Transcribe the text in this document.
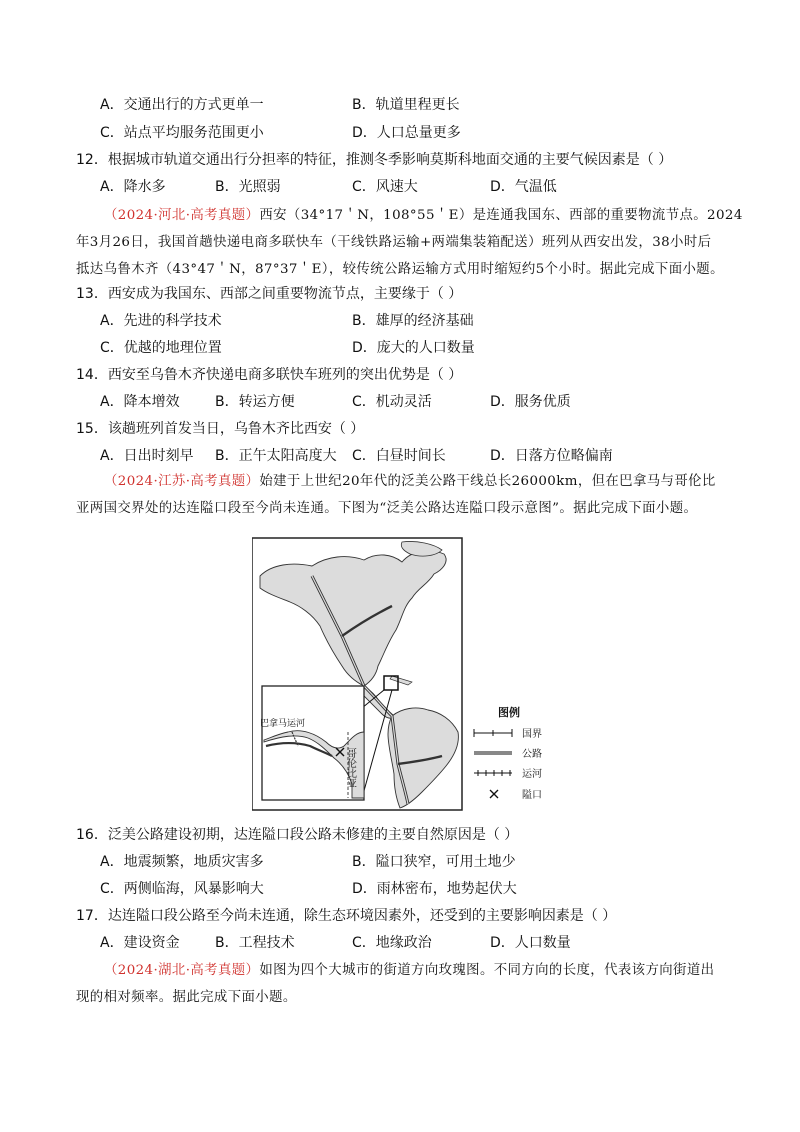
A．交通出行的方式更单一	B．轨道里程更长
C．站点平均服务范围更小	D．人口总量更多
12．根据城市轨道交通出行分担率的特征，推测冬季影响莫斯科地面交通的主要气候因素是（ ）
A．降水多	B．光照弱	C．风速大	D．气温低
（2024·河北·高考真题）西安（34°17＇N，108°55＇E）是连通我国东、西部的重要物流节点。2024
年3月26日，我国首趟快递电商多联快车（干线铁路运输+两端集装箱配送）班列从西安出发，38小时后
抵达乌鲁木齐（43°47＇N，87°37＇E），较传统公路运输方式用时缩短约5个小时。据此完成下面小题。
13．西安成为我国东、西部之间重要物流节点，主要缘于（ ）
A．先进的科学技术	B．雄厚的经济基础
C．优越的地理位置	D．庞大的人口数量
14．西安至乌鲁木齐快递电商多联快车班列的突出优势是（ ）
A．降本增效	B．转运方便	C．机动灵活	D．服务优质
15．该趟班列首发当日，乌鲁木齐比西安（ ）
A．日出时刻早 B．正午太阳高度大 C．白昼时间长	D．日落方位略偏南
（2024·江苏·高考真题）始建于上世纪20年代的泛美公路干线总长26000km，但在巴拿马与哥伦比
亚两国交界处的达连隘口段至今尚未连通。下图为“泛美公路达连隘口段示意图”。据此完成下面小题。
巴拿马运河
哥伦比亚
图例
国界
公路
运河
隘口
16．泛美公路建设初期，达连隘口段公路未修建的主要自然原因是（ ）
A．地震频繁，地质灾害多	B．隘口狭窄，可用土地少
C．两侧临海，风暴影响大	D．雨林密布，地势起伏大
17．达连隘口段公路至今尚未连通，除生态环境因素外，还受到的主要影响因素是（ ）
A．建设资金	B．工程技术	C．地缘政治	D．人口数量
（2024·湖北·高考真题）如图为四个大城市的街道方向玫瑰图。不同方向的长度，代表该方向街道出
现的相对频率。据此完成下面小题。
